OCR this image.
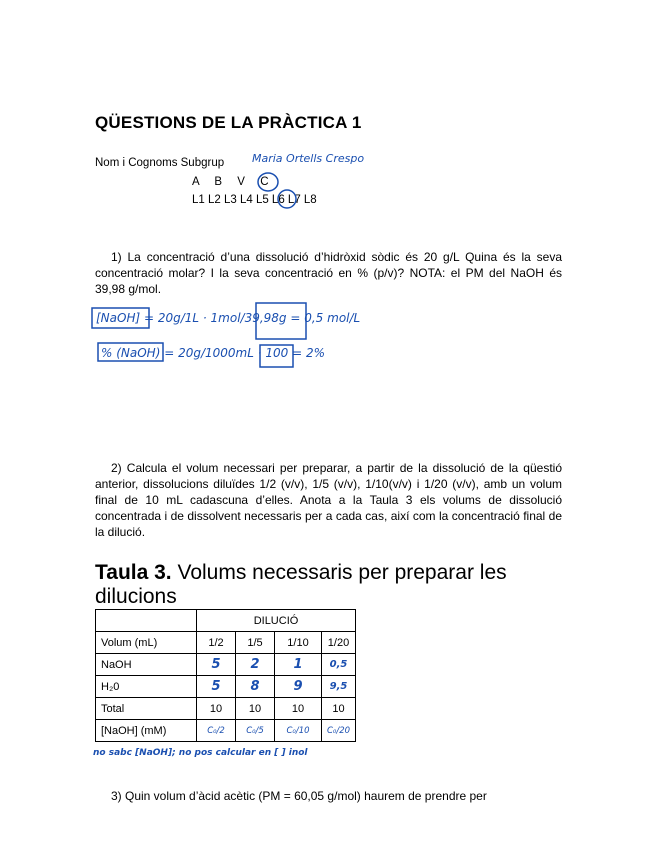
QÜESTIONS DE LA PRÀCTICA 1
Nom i Cognoms Subgrup	Maria Ortells Crespo
A    B    V    C
L1 L2 L3 L4 L5 L6 L7 L8
1) La concentració d’una dissolució d’hidròxid sòdic és 20 g/L Quina és la seva concentració molar? I la seva concentració en % (p/v)? NOTA: el PM del NaOH és 39,98 g/mol.
[NaOH] = 20g/1L · 1mol/39,98g = 0,5 mol/L
% (NaOH) = 20g/1000mL · 100 = 2%
2) Calcula el volum necessari per preparar, a partir de la dissolució de la qüestió anterior, dissolucions diluïdes 1/2 (v/v), 1/5 (v/v), 1/10(v/v) i 1/20 (v/v), amb un volum final de 10 mL cadascuna d’elles. Anota a la Taula 3 els volums de dissolució concentrada i de dissolvent necessaris per a cada cas, així com la concentració final de la dilució.
Taula 3. Volums necessaris per preparar les dilucions
	DILUCIÓ			
Volum (mL)	1/2	1/5	1/10	1/20
NaOH	5	2	1	0,5
H₂0	5	8	9	9,5
Total	10	10	10	10
[NaOH] (mM)	C₀/2	C₀/5	C₀/10	C₀/20
no sabc [NaOH]; no pos calcular en [ ] inol
3) Quin volum d’àcid acètic (PM = 60,05 g/mol) haurem de prendre per
